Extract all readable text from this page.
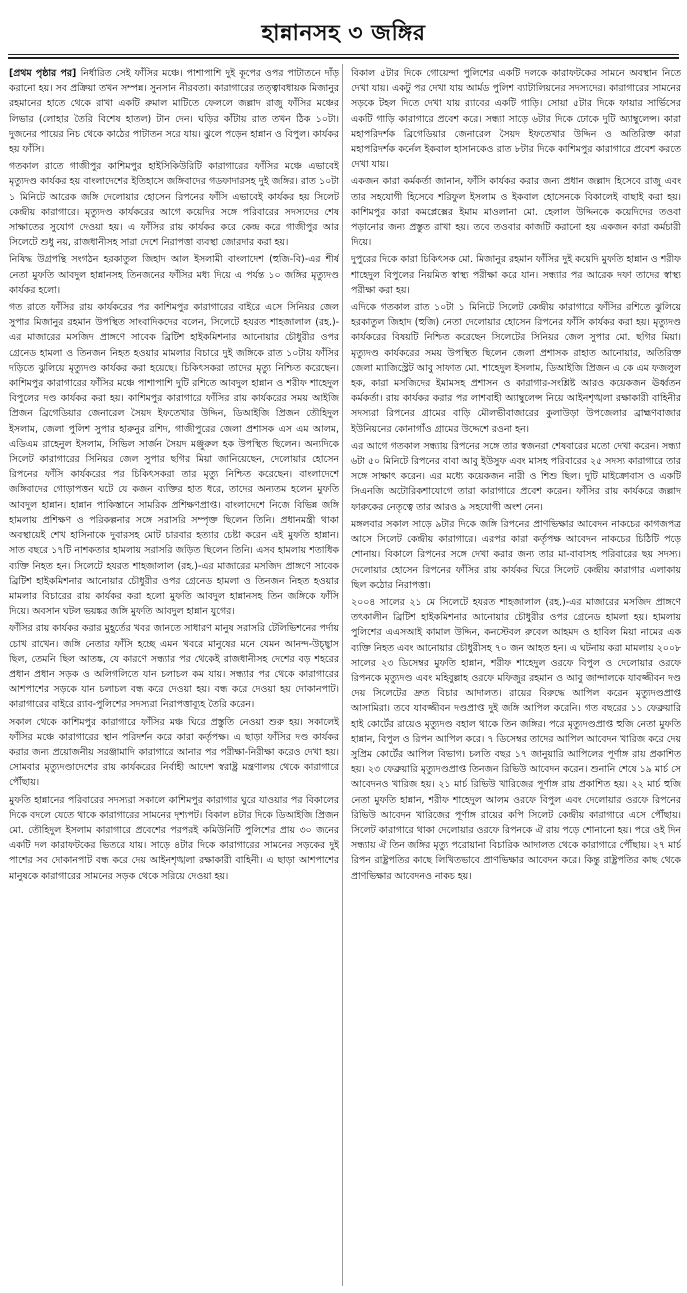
হান্নানসহ ৩ জঙ্গির

[ প্রথম পৃষ্ঠার পর ] নির্ধারিত সেই ফাঁসির মঞ্চে। পাশাপাশি দুই কূপের ওপর পাটাতনে দাঁড় করানো হয়। সব প্রক্রিয়া তখন সম্পন্ন। সুনসান নীরবতা। কারাগারের তত্ত্বাবধায়ক মিজানুর রহমানের হাতে থেকে রাখা একটি রুমাল মাটিতে ফেললে জল্লাদ রাজু ফাঁসির মঞ্চের লিভার (লোহার তৈরি বিশেষ হাতল) টান দেন। ঘড়ির কাঁটায় রাত তখন ঠিক ১০টা। দুজনের পায়ের নিচ থেকে কাঠের পাটাতন সরে যায়। ঝুলে পড়েন হান্নান ও বিপুল। কার্যকর হয় ফাঁসি।

গতকাল রাতে গাজীপুর কাশিমপুর হাইসিকিউরিটি কারাগারের ফাঁসির মঞ্চে এভাবেই মৃত্যুদণ্ড কার্যকর হয় বাংলাদেশের ইতিহাসে জঙ্গিবাদের গডফাদারসহ দুই জঙ্গির। রাত ১০টা ১ মিনিটে আরেক জঙ্গি দেলোয়ার হোসেন রিপনের ফাঁসি এভাবেই কার্যকর হয় সিলেট কেন্দ্রীয় কারাগারে। মৃত্যুদণ্ড কার্যকরের আগে কয়েদির সঙ্গে পরিবারের সদস্যদের শেষ সাক্ষাতের সুযোগ দেওয়া হয়। এ ফাঁসির রায় কার্যকর করে কেন্দ্র করে গাজীপুর আর সিলেটে শুধু নয়, রাজধানীসহ সারা দেশে নিরাপত্তা ব্যবস্থা জোরদার করা হয়।

নিষিদ্ধ উগ্রপন্থি সংগঠন হরকাতুল জিহাদ আল ইসলামী বাংলাদেশ (হুজি-বি)-এর শীর্ষ নেতা মুফতি আবদুল হান্নানসহ তিনজনের ফাঁসির মধ্য দিয়ে এ পর্যন্ত ১০ জঙ্গির মৃত্যুদণ্ড কার্যকর হলো।

গত রাতে ফাঁসির রায় কার্যকরের পর কাশিমপুর কারাগারের বাইরে এসে সিনিয়র জেল সুপার মিজানুর রহমান উপস্থিত সাংবাদিকদের বলেন, সিলেটে হযরত শাহজালাল (রহ.)-এর মাজারের মসজিদ প্রাঙ্গণে সাবেক ব্রিটিশ হাইকমিশনার আনোয়ার চৌধুরীর ওপর গ্রেনেড হামলা ও তিনজন নিহত হওয়ার মামলার বিচারে দুই জঙ্গিকে রাত ১০টায় ফাঁসির দড়িতে ঝুলিয়ে মৃত্যুদণ্ড কার্যকর করা হয়েছে। চিকিৎসকরা তাদের মৃত্যু নিশ্চিত করেছেন। কাশিমপুর কারাগারের ফাঁসির মঞ্চে পাশাপাশি দুটি রশিতে আবদুল হান্নান ও শরীফ শাহেদুল বিপুলের দণ্ড কার্যকর করা হয়। কাশিমপুর কারাগারে ফাঁসির রায় কার্যকরের সময় আইজি প্রিজন ব্রিগেডিয়ার জেনারেল সৈয়দ ইফতেখার উদ্দিন, ডিআইজি প্রিজন তৌহিদুল ইসলাম, জেলা পুলিশ সুপার হারুনুর রশিদ, গাজীপুরের জেলা প্রশাসক এস এম আলম, এডিএম রাহেনুল ইসলাম, সিভিল সার্জন সৈয়দ মঞ্জুরুল হক উপস্থিত ছিলেন। অন্যদিকে সিলেট কারাগারের সিনিয়র জেল সুপার ছগির মিয়া জানিয়েছেন, দেলোয়ার হোসেন রিপনের ফাঁসি কার্যকরের পর চিকিৎসকরা তার মৃত্যু নিশ্চিত করেছেন। বাংলাদেশে জঙ্গিবাদের গোড়াপত্তন ঘটে যে কজন ব্যক্তির হাত ধরে, তাদের অন্যতম হলেন মুফতি আবদুল হান্নান। হান্নান পাকিস্তানে সামরিক প্রশিক্ষণপ্রাপ্ত। বাংলাদেশে নিজে বিভিন্ন জঙ্গি হামলায় প্রশিক্ষণ ও পরিকল্পনার সঙ্গে সরাসরি সম্পৃক্ত ছিলেন তিনি। প্রধানমন্ত্রী থাকা অবস্থায়েই শেখ হাসিনাকে দুবারসহ মোট চারবার হত্যার চেষ্টা করেন এই মুফতি হান্নান। সাত বছরে ১৭টি নাশকতার হামলায় সরাসরি জড়িত ছিলেন তিনি। এসব হামলায় শতাধিক ব্যক্তি নিহত হন। সিলেটে হযরত শাহজালাল (রহ.)-এর মাজারের মসজিদ প্রাঙ্গণে সাবেক ব্রিটিশ হাইকমিশনার আনোয়ার চৌধুরীর ওপর গ্রেনেড হামলা ও তিনজন নিহত হওয়ার মামলার বিচারের রায় কার্যকর করা হলো মুফতি আবদুল হান্নানসহ তিন জঙ্গিকে ফাঁসি দিয়ে। অবসান ঘটল ভয়ঙ্কর জঙ্গি মুফতি আবদুল হান্নান যুগের।

ফাঁসির রায় কার্যকর করার মুহূর্তের খবর জানতে সাধারণ মানুষ সরাসরি টেলিভিশনের পর্দায় চোখ রাখেন। জঙ্গি নেতার ফাঁসি হচ্ছে এমন খবরে মানুষের মনে যেমন আনন্দ-উচ্ছ্বাস ছিল, তেমনি ছিল আতঙ্ক, যে কারণে সন্ধ্যার পর থেকেই রাজধানীসহ দেশের বড় শহরের প্রধান প্রধান সড়ক ও অলিগলিতে যান চলাচল কম যায়। সন্ধ্যার পর থেকে কারাগারের আশপাশের সড়কে যান চলাচল বন্ধ করে দেওয়া হয়। বন্ধ করে দেওয়া হয় দোকানপাট। কারাগারের বাইরে র‌্যাব-পুলিশের সদস্যরা নিরাপত্তাব্যূহ তৈরি করেন।

সকাল থেকে কাশিমপুর কারাগারে ফাঁসির মঞ্চ ঘিরে প্রস্তুতি নেওয়া শুরু হয়। সকালেই ফাঁসির মঞ্চে কারাগারের স্থান পরিদর্শন করে কারা কর্তৃপক্ষ। এ ছাড়া ফাঁসির দণ্ড কার্যকর করার জন্য প্রয়োজনীয় সরঞ্জামাদি কারাগারে আনার পর পরীক্ষা-নিরীক্ষা করেও দেখা হয়। সোমবার মৃত্যুদণ্ডাদেশের রায় কার্যকরের নির্বাহী আদেশ স্বরাষ্ট্র মন্ত্রণালয় থেকে কারাগারে পৌঁছায়।

মুফতি হান্নানের পরিবারের সদস্যরা সকালে কাশিমপুর কারাগার ঘুরে যাওয়ার পর বিকালের দিকে বদলে যেতে থাকে কারাগারের সামনের দৃশ্যপট। বিকাল ৪টার দিকে ডিআইজি প্রিজন মো. তৌহিদুল ইসলাম কারাগারে প্রবেশের পরপরই কমিউনিটি পুলিশের প্রায় ৩০ জনের একটি দল কারাফটকের ভিতরে যায়। সাড়ে ৪টার দিকে কারাগারের সামনের সড়কের দুই পাশের সব দোকানপাট বন্ধ করে দেয় আইনশৃঙ্খলা রক্ষাকারী বাহিনী। এ ছাড়া আশপাশের মানুষকে কারাগারের সামনের সড়ক থেকে সরিয়ে দেওয়া হয়।

বিকাল ৫টার দিকে গোয়েন্দা পুলিশের একটি দলকে কারাফটকের সামনে অবস্থান নিতে দেখা যায়। একটু পর দেখা যায় আর্মড পুলিশ ব্যাটালিয়নের সদস্যদের। কারাগারের সামনের সড়কে টহল দিতে দেখা যায় র‌্যাবের একটি গাড়ি। সোয়া ৫টার দিকে ফায়ার সার্ভিসের একটি গাড়ি কারাগারে প্রবেশ করে। সন্ধ্যা সাড়ে ৬টার দিকে ঢোকে দুটি অ্যাম্বুলেন্স। কারা মহাপরিদর্শক ব্রিগেডিয়ার জেনারেল সৈয়দ ইফতেখার উদ্দিন ও অতিরিক্ত কারা মহাপরিদর্শক কর্নেল ইকবাল হাসানকেও রাত ৮টার দিকে কাশিমপুর কারাগারে প্রবেশ করতে দেখা যায়।

একজন কারা কর্মকর্তা জানান, ফাঁসি কার্যকর করার জন্য প্রধান জল্লাদ হিসেবে রাজু এবং তার সহযোগী হিসেবে শরিফুল ইসলাম ও ইকবাল হোসেনকে বিকালেই বাছাই করা হয়। কাশিমপুর কারা কমপ্লেক্সের ইমাম মাওলানা মো. হেলাল উদ্দিনকে কয়েদিদের তওবা পড়ানোর জন্য প্রস্তুত রাখা হয়। তবে তওবার কাজটি করানো হয় একজন কারা কর্মচারী দিয়ে।

দুপুরের দিকে কারা চিকিৎসক মো. মিজানুর রহমান ফাঁসির দুই কয়েদি মুফতি হান্নান ও শরীফ শাহেদুল বিপুলের নিয়মিত স্বাস্থ্য পরীক্ষা করে যান। সন্ধ্যার পর আরেক দফা তাদের স্বাস্থ্য পরীক্ষা করা হয়।

এদিকে গতকাল রাত ১০টা ১ মিনিটে সিলেট কেন্দ্রীয় কারাগারে ফাঁসির রশিতে ঝুলিয়ে হরকাতুল জিহাদ (হুজি) নেতা দেলোয়ার হোসেন রিপনের ফাঁসি কার্যকর করা হয়। মৃত্যুদণ্ড কার্যকরের বিষয়টি নিশ্চিত করেছেন সিলেটের সিনিয়র জেল সুপার মো. ছগির মিয়া। মৃত্যুদণ্ড কার্যকরের সময় উপস্থিত ছিলেন জেলা প্রশাসক রাহাত আনোয়ার, অতিরিক্ত জেলা ম্যাজিস্ট্রেট আবু সাফাত মো. শাহেদুল ইসলাম, ডিআইজি প্রিজন এ কে এম ফজলুল হক, কারা মসজিদের ইমামসহ প্রশাসন ও কারাগার-সংশ্লিষ্ট আরও কয়েকজন ঊর্ধ্বতন কর্মকর্তা। রায় কার্যকর করার পর লাশবাহী অ্যাম্বুলেন্স নিয়ে আইনশৃঙ্খলা রক্ষাকারী বাহিনীর সদস্যরা রিপনের গ্রামের বাড়ি মৌলভীবাজারের কুলাউড়া উপজেলার ব্রাহ্মণবাজার ইউনিয়নের কোনাগাঁও গ্রামের উদ্দেশে রওনা হন।

এর আগে গতকাল সন্ধ্যায় রিপনের সঙ্গে তার স্বজনরা শেষবারের মতো দেখা করেন। সন্ধ্যা ৬টা ৫০ মিনিটে রিপনের বাবা আবু ইউসুফ এবং মাসহ পরিবারের ২৫ সদস্য কারাগারে তার সঙ্গে সাক্ষাৎ করেন। এর মধ্যে কয়েকজন নারী ও শিশু ছিল। দুটি মাইক্রোবাস ও একটি সিএনজি অটোরিকশাযোগে তারা কারাগারে প্রবেশ করেন। ফাঁসির রায় কার্যকরে জল্লাদ ফারুকের নেতৃত্বে তার আরও ৯ সহযোগী অংশ নেন।

মঙ্গলবার সকাল সাড়ে ৯টার দিকে জঙ্গি রিপনের প্রাণভিক্ষার আবেদন নাকচের কাগজপত্র আসে সিলেট কেন্দ্রীয় কারাগারে। এরপর কারা কর্তৃপক্ষ আবেদন নাকচের চিঠিটি পড়ে শোনায়। বিকালে রিপনের সঙ্গে দেখা করার জন্য তার মা-বাবাসহ পরিবারের ছয় সদস্য। দেলোয়ার হোসেন রিপনের ফাঁসির রায় কার্যকর ঘিরে সিলেট কেন্দ্রীয় কারাগার এলাকায় ছিল কঠোর নিরাপত্তা।

২০০৪ সালের ২১ মে সিলেটে হযরত শাহজালাল (রহ.)-এর মাজারের মসজিদ প্রাঙ্গণে তৎকালীন ব্রিটিশ হাইকমিশনার আনোয়ার চৌধুরীর ওপর গ্রেনেড হামলা হয়। হামলায় পুলিশের এএসআই কামাল উদ্দিন, কনস্টেবল রুবেল আহমদ ও হাবিল মিয়া নামের এক ব্যক্তি নিহত এবং আনোয়ার চৌধুরীসহ ৭০ জন আহত হন। এ ঘটনায় করা মামলায় ২০০৮ সালের ২৩ ডিসেম্বর মুফতি হান্নান, শরীফ শাহেদুল ওরফে বিপুল ও দেলোয়ার ওরফে রিপনকে মৃত্যুদণ্ড এবং মহিবুল্লাহ ওরফে মফিজুর রহমান ও আবু জান্দালকে যাবজ্জীবন দণ্ড দেয় সিলেটের দ্রুত বিচার আদালত। রায়ের বিরুদ্ধে আপিল করেন মৃত্যুদণ্ডপ্রাপ্ত আসামিরা। তবে যাবজ্জীবন দণ্ডপ্রাপ্ত দুই জঙ্গি আপিল করেনি। গত বছরের ১১ ফেব্রুয়ারি হাই কোর্টের রায়েও মৃত্যুদণ্ড বহাল থাকে তিন জঙ্গির। পরে মৃত্যুদণ্ডপ্রাপ্ত হুজি নেতা মুফতি হান্নান, বিপুল ও রিপন আপিল করে। ৭ ডিসেম্বর তাদের আপিল আবেদন খারিজ করে দেয় সুপ্রিম কোর্টের আপিল বিভাগ। চলতি বছর ১৭ জানুয়ারি আপিলের পূর্ণাঙ্গ রায় প্রকাশিত হয়। ২৩ ফেব্রুয়ারি মৃত্যুদণ্ডপ্রাপ্ত তিনজন রিভিউ আবেদন করেন। শুনানি শেষে ১৯ মার্চ সে আবেদনও খারিজ হয়। ২১ মার্চ রিভিউ খারিজের পূর্ণাঙ্গ রায় প্রকাশিত হয়। ২২ মার্চ হুজি নেতা মুফতি হান্নান, শরীফ শাহেদুল আলম ওরফে বিপুল এবং দেলোয়ার ওরফে রিপনের রিভিউ আবেদন খারিজের পূর্ণাঙ্গ রায়ের কপি সিলেট কেন্দ্রীয় কারাগারে এসে পৌঁছায়। সিলেট কারাগারে থাকা দেলোয়ার ওরফে রিপনকে ঐ রায় পড়ে শোনানো হয়। পরে ওই দিন সন্ধ্যায় ঐ তিন জঙ্গির মৃত্যু পরোয়ানা বিচারিক আদালত থেকে কারাগারে পৌঁছায়। ২৭ মার্চ রিপন রাষ্ট্রপতির কাছে লিখিতভাবে প্রাণভিক্ষার আবেদন করে। কিন্তু রাষ্ট্রপতির কাছ থেকে প্রাণভিক্ষার আবেদনও নাকচ হয়।
